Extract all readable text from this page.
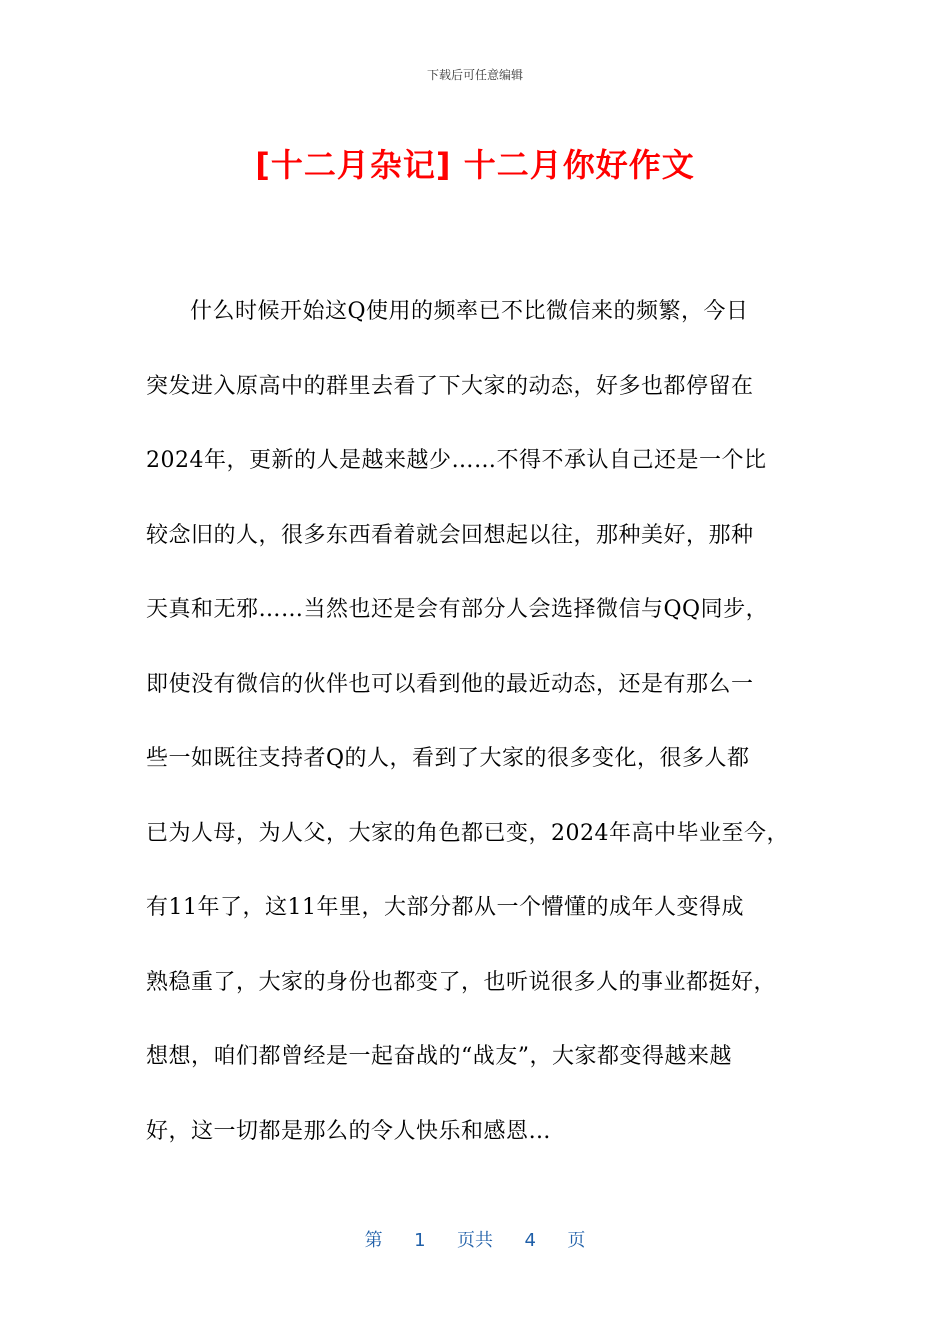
下载后可任意编辑
[十二月杂记] 十二月你好作文
什么时候开始这Q使用的频率已不比微信来的频繁，今日
突发进入原高中的群里去看了下大家的动态，好多也都停留在
2024年，更新的人是越来越少……不得不承认自己还是一个比
较念旧的人，很多东西看着就会回想起以往，那种美好，那种
天真和无邪……当然也还是会有部分人会选择微信与QQ同步，
即使没有微信的伙伴也可以看到他的最近动态，还是有那么一
些一如既往支持者Q的人，看到了大家的很多变化，很多人都
已为人母，为人父，大家的角色都已变，2024年高中毕业至今，
有11年了，这11年里，大部分都从一个懵懂的成年人变得成
熟稳重了，大家的身份也都变了，也听说很多人的事业都挺好，
想想，咱们都曾经是一起奋战的“战友”，大家都变得越来越
好，这一切都是那么的令人快乐和感恩…
第 1 页共 4 页
